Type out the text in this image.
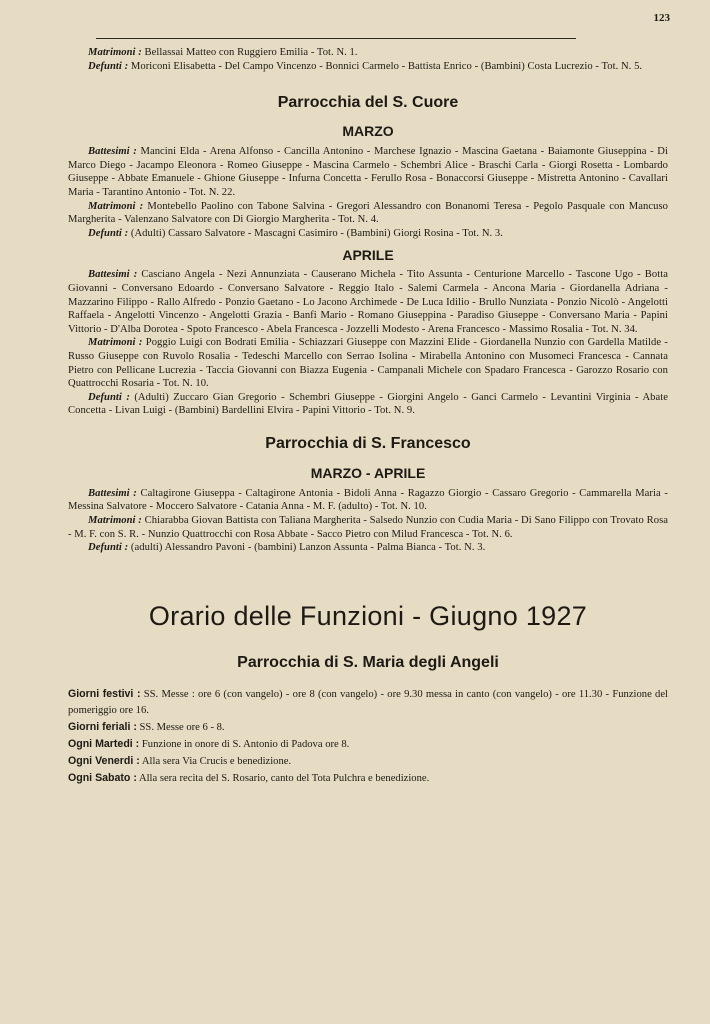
123

Matrimoni : Bellassai Matteo con Ruggiero Emilia - Tot. N. 1.

Defunti : Moriconi Elisabetta - Del Campo Vincenzo - Bonnici Carmelo - Battista Enrico - (Bambini) Costa Lucrezio - Tot. N. 5.

Parrocchia del S. Cuore
MARZO

Battesimi : Mancini Elda - Arena Alfonso - Cancilla Antonino - Marchese Ignazio - Mascina Gaetana - Baiamonte Giuseppina - Di Marco Diego - Jacampo Eleonora - Romeo Giuseppe - Mascina Carmelo - Schembri Alice - Braschi Carla - Giorgi Rosetta - Lombardo Giuseppe - Abbate Emanuele - Ghione Giuseppe - Infurna Concetta - Ferullo Rosa - Bonaccorsi Giuseppe - Mistretta Antonino - Cavallari Maria - Tarantino Antonio - Tot. N. 22.

Matrimoni : Montebello Paolino con Tabone Salvina - Gregori Alessandro con Bonanomi Teresa - Pegolo Pasquale con Mancuso Margherita - Valenzano Salvatore con Di Giorgio Margherita - Tot. N. 4.

Defunti : (Adulti) Cassaro Salvatore - Mascagni Casimiro - (Bambini) Giorgi Rosina - Tot. N. 3.

APRILE

Battesimi : Casciano Angela - Nezi Annunziata - Causerano Michela - Tito Assunta - Centurione Marcello - Tascone Ugo - Botta Giovanni - Conversano Edoardo - Conversano Salvatore - Reggio Italo - Salemi Carmela - Ancona Maria - Giordanella Adriana - Mazzarino Filippo - Rallo Alfredo - Ponzio Gaetano - Lo Jacono Archimede - De Luca Idilio - Brullo Nunziata - Ponzio Nicolò - Angelotti Raffaela - Angelotti Vincenzo - Angelotti Grazia - Banfi Mario - Romano Giuseppina - Paradiso Giuseppe - Conversano Maria - Papini Vittorio - D'Alba Dorotea - Spoto Francesco - Abela Francesca - Jozzelli Modesto - Arena Francesco - Massimo Rosalia - Tot. N. 34.

Matrimoni : Poggio Luigi con Bodrati Emilia - Schiazzari Giuseppe con Mazzini Elide - Giordanella Nunzio con Gardella Matilde - Russo Giuseppe con Ruvolo Rosalia - Tedeschi Marcello con Serrao Isolina - Mirabella Antonino con Musomeci Francesca - Cannata Pietro con Pellicane Lucrezia - Taccia Giovanni con Biazza Eugenia - Campanali Michele con Spadaro Francesca - Garozzo Rosario con Quattrocchi Rosaria - Tot. N. 10.

Defunti : (Adulti) Zuccaro Gian Gregorio - Schembri Giuseppe - Giorgini Angelo - Ganci Carmelo - Levantini Virginia - Abate Concetta - Livan Luigi - (Bambini) Bardellini Elvira - Papini Vittorio - Tot. N. 9.

Parrocchia di S. Francesco
MARZO - APRILE

Battesimi : Caltagirone Giuseppa - Caltagirone Antonia - Bidoli Anna - Ragazzo Giorgio - Cassaro Gregorio - Cammarella Maria - Messina Salvatore - Moccero Salvatore - Catania Anna - M. F. (adulto) - Tot. N. 10.

Matrimoni : Chiarabba Giovan Battista con Taliana Margherita - Salsedo Nunzio con Cudia Maria - Di Sano Filippo con Trovato Rosa - M. F. con S. R. - Nunzio Quattrocchi con Rosa Abbate - Sacco Pietro con Milud Francesca - Tot. N. 6.

Defunti : (adulti) Alessandro Pavoni - (bambini) Lanzon Assunta - Palma Bianca - Tot. N. 3.

Orario delle Funzioni - Giugno 1927
Parrocchia di S. Maria degli Angeli

Giorni festivi : SS. Messe : ore 6 (con vangelo) - ore 8 (con vangelo) - ore 9.30 messa in canto (con vangelo) - ore 11.30 - Funzione del pomeriggio ore 16.

Giorni feriali : SS. Messe ore 6 - 8.

Ogni Martedi : Funzione in onore di S. Antonio di Padova ore 8.

Ogni Venerdi : Alla sera Via Crucis e benedizione.

Ogni Sabato : Alla sera recita del S. Rosario, canto del Tota Pulchra e benedizione.
